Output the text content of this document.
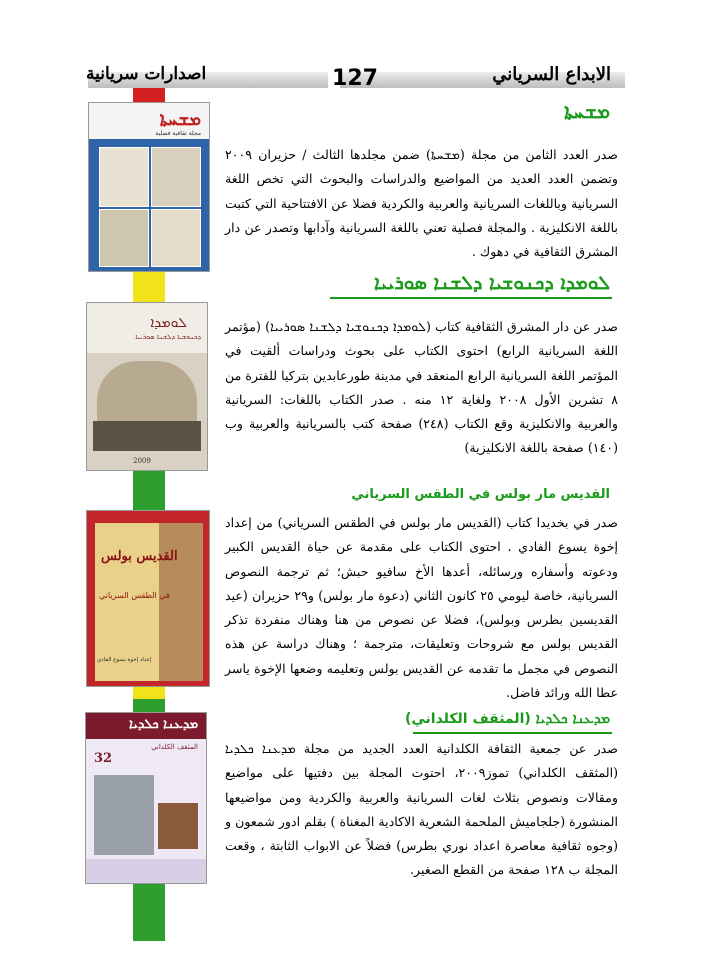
الابداع السرياني
127
اصدارات سريانية
ܡܫܚܬܐ
مجلة ثقافية فصلية
ܠܘܡܕܐ
ܕܟܢܘܫܝܐ ܕܠܫܢܐ ܣܘܪܝܝܐ
2009
القديس بولس
في الطقس السرياني
إعداد إخوة يسوع الفادي
ܡܕܥܢܐ ܟܠܕܝܐ
المثقف الكلداني
32
ܡܫܚܬܐ
صدر العدد الثامن من مجلة (ܡܫܚܬܐ) ضمن مجلدها الثالث / حزيران ٢٠٠٩ وتضمن العدد العديد من المواضيع والدراسات والبحوث التي تخص اللغة السريانية وباللغات السريانية والعربية والكردية فضلا عن الافتتاحية التي كتبت باللغة الانكليزية . والمجلة فصلية تعني باللغة السريانية وآدابها وتصدر عن دار المشرق الثقافية في دهوك .
ܠܘܡܕܐ ܕܟܢܘܫܝܐ ܕܠܫܢܐ ܣܘܪܝܝܐ
صدر عن دار المشرق الثقافية كتاب (ܠܘܡܕܐ ܕܟܢܘܫܝܐ ܕܠܫܢܐ ܣܘܪܝܝܐ) (مؤتمر اللغة السريانية الرابع) احتوى الكتاب على بحوث ودراسات ألقيت في المؤتمر اللغة السريانية الرابع المنعقد في مدينة طورعابدين بتركيا للفترة من ٨ تشرين الأول ٢٠٠٨ ولغاية ١٢ منه . صدر الكتاب باللغات: السريانية والعربية والانكليزية وقع الكتاب (٢٤٨) صفحة كتب بالسريانية والعربية وب (١٤٠) صفحة باللغة الانكليزية)
القديس مار بولس في الطقس السرياني
صدر في بخديدا كتاب (القديس مار بولس في الطقس السرياني) من إعداد إخوة يسوع الفادي . احتوى الكتاب على مقدمة عن حياة القديس الكبير ودعوته وأسفاره ورسائله، أعدها الأخ سافيو حبش؛ ثم ترجمة النصوص السريانية، خاصة ليومي ٢٥ كانون الثاني (دعوة مار بولس) و٢٩ حزيران (عيد القديسين بطرس وبولس)، فضلا عن نصوص من هنا وهناك منفردة تذكر القديس بولس مع شروحات وتعليقات، مترجمة ؛ وهناك دراسة عن هذه النصوص في مجمل ما تقدمه عن القديس بولس وتعليمه وضعها الإخوة ياسر عطا الله ورائد فاضل.
ܡܕܥܢܐ ܟܠܕܝܐ (المثقف الكلداني)
صدر عن جمعية الثقافة الكلدانية العدد الجديد من مجلة ܡܕܥܢܐ ܟܠܕܝܐ (المثقف الكلداني) تموز٢٠٠٩، احتوت المجلة بين دفتيها على مواضيع ومقالات ونصوص بثلاث لغات السريانية والعربية والكردية ومن مواضيعها المنشورة (جلجاميش الملحمة الشعرية الاكادية المغناة ) بقلم ادور شمعون و (وجوه ثقافية معاصرة اعداد نوري بطرس) فضلاً عن الابواب الثابتة ، وقعت المجلة ب ١٢٨ صفحة من القطع الصغير.
